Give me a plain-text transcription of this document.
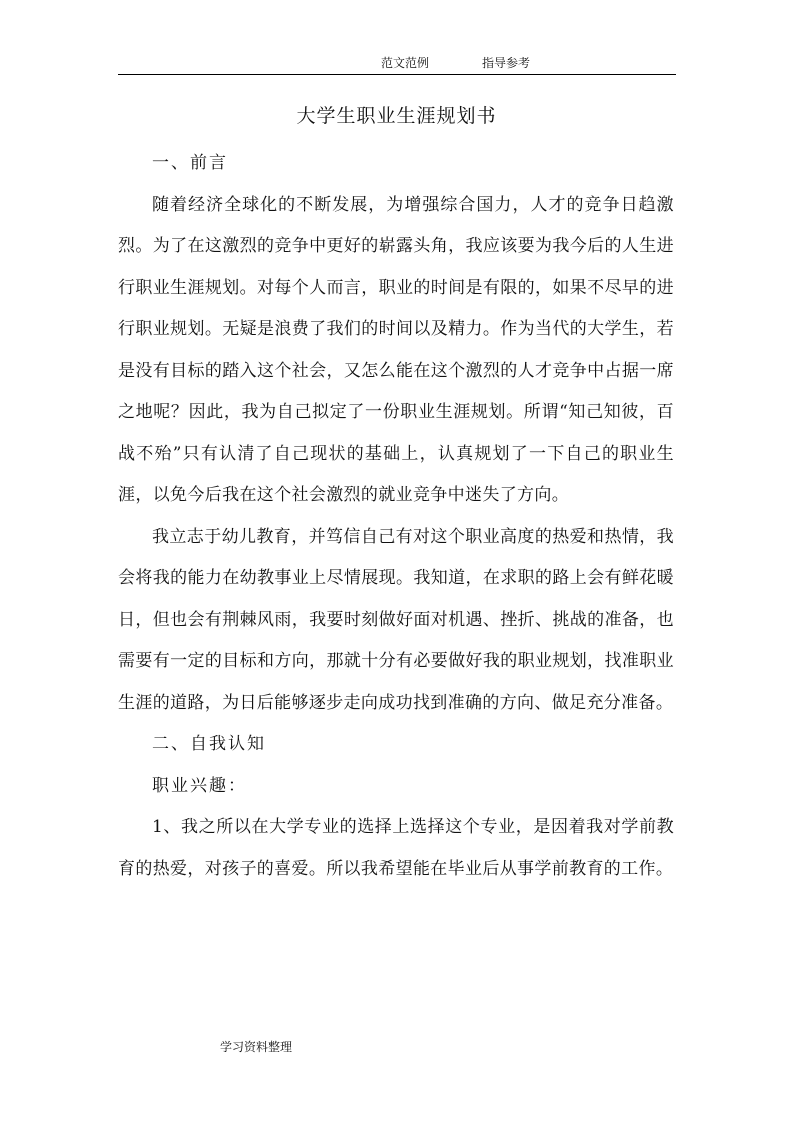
范文范例	指导参考
大学生职业生涯规划书

一、前言

随着经济全球化的不断发展，为增强综合国力，人才的竞争日趋激烈。为了在这激烈的竞争中更好的崭露头角，我应该要为我今后的人生进行职业生涯规划。对每个人而言，职业的时间是有限的，如果不尽早的进行职业规划。无疑是浪费了我们的时间以及精力。作为当代的大学生，若是没有目标的踏入这个社会，又怎么能在这个激烈的人才竞争中占据一席之地呢？因此，我为自己拟定了一份职业生涯规划。所谓“知己知彼，百战不殆”只有认清了自己现状的基础上，认真规划了一下自己的职业生涯，以免今后我在这个社会激烈的就业竞争中迷失了方向。

我立志于幼儿教育，并笃信自己有对这个职业高度的热爱和热情，我会将我的能力在幼教事业上尽情展现。我知道，在求职的路上会有鲜花暖日，但也会有荆棘风雨，我要时刻做好面对机遇、挫折、挑战的准备，也需要有一定的目标和方向，那就十分有必要做好我的职业规划，找准职业生涯的道路，为日后能够逐步走向成功找到准确的方向、做足充分准备。

二、自我认知

职业兴趣：

1、我之所以在大学专业的选择上选择这个专业，是因着我对学前教育的热爱，对孩子的喜爱。所以我希望能在毕业后从事学前教育的工作。

学习资料整理
